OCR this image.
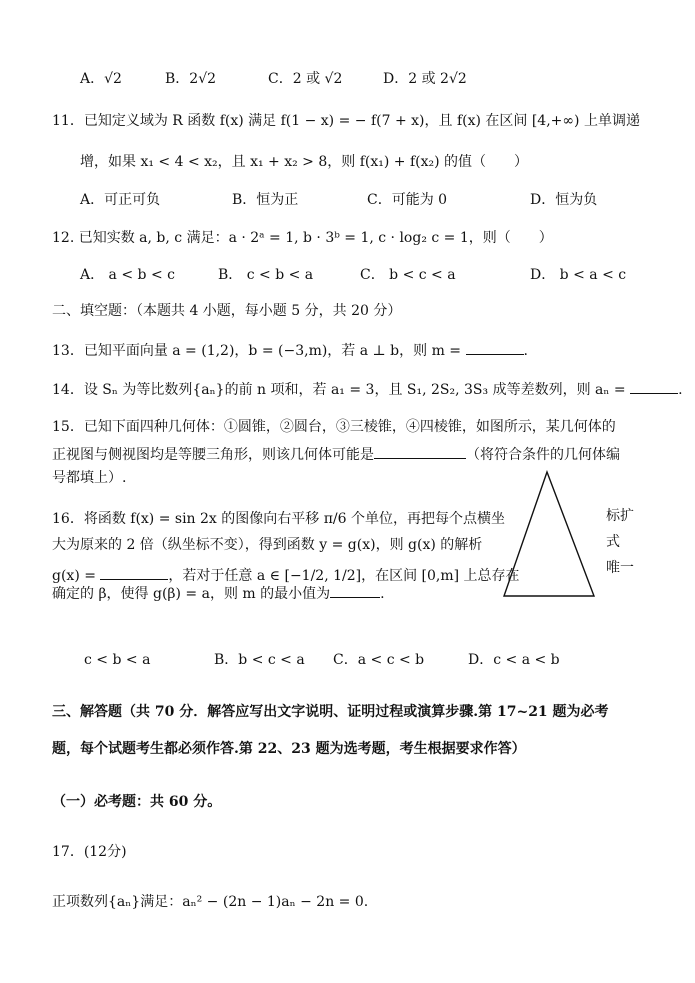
A．√2	B．2√2	C．2 或 √2	D．2 或 2√2
11．已知定义域为 R 函数 f(x) 满足 f(1 − x) = − f(7 + x)，且 f(x) 在区间 [4,+∞) 上单调递
增，如果 x₁ < 4 < x₂，且 x₁ + x₂ > 8，则 f(x₁) + f(x₂) 的值（　　）
A．可正可负	B．恒为正	C．可能为 0	D．恒为负
12. 已知实数 a, b, c 满足：a · 2ᵃ = 1, b · 3ᵇ = 1, c · log₂ c = 1，则（　　）
A． a < b < c	B． c < b < a	C． b < c < a	D． b < a < c
二、填空题：（本题共 4 小题，每小题 5 分，共 20 分）
13．已知平面向量 a = (1,2)，b = (−3,m)，若 a ⊥ b，则 m =	.
14．设 Sₙ 为等比数列{aₙ}的前 n 项和，若 a₁ = 3，且 S₁, 2S₂, 3S₃ 成等差数列，则 aₙ =	.
15．已知下面四种几何体：①圆锥，②圆台，③三棱锥，④四棱锥，如图所示，某几何体的
正视图与侧视图均是等腰三角形，则该几何体可能是	（将符合条件的几何体编
号都填上）.
16．将函数 f(x) = sin 2x 的图像向右平移 π/6 个单位，再把每个点横坐
大为原来的 2 倍（纵坐标不变），得到函数 y = g(x)，则 g(x) 的解析
g(x) =	，若对于任意 a ∈ [−1/2, 1/2]，在区间 [0,m] 上总存在
确定的 β，使得 g(β) = a，则 m 的最小值为	.
标扩
式
唯一
c < b < a	B．b < c < a C．a < c < b	D．c < a < b
三、解答题（共 70 分．解答应写出文字说明、证明过程或演算步骤.第 17~21 题为必考
题，每个试题考生都必须作答.第 22、23 题为选考题，考生根据要求作答）
（一）必考题：共 60 分。
17．(12分)
正项数列{aₙ}满足：aₙ² − (2n − 1)aₙ − 2n = 0.
